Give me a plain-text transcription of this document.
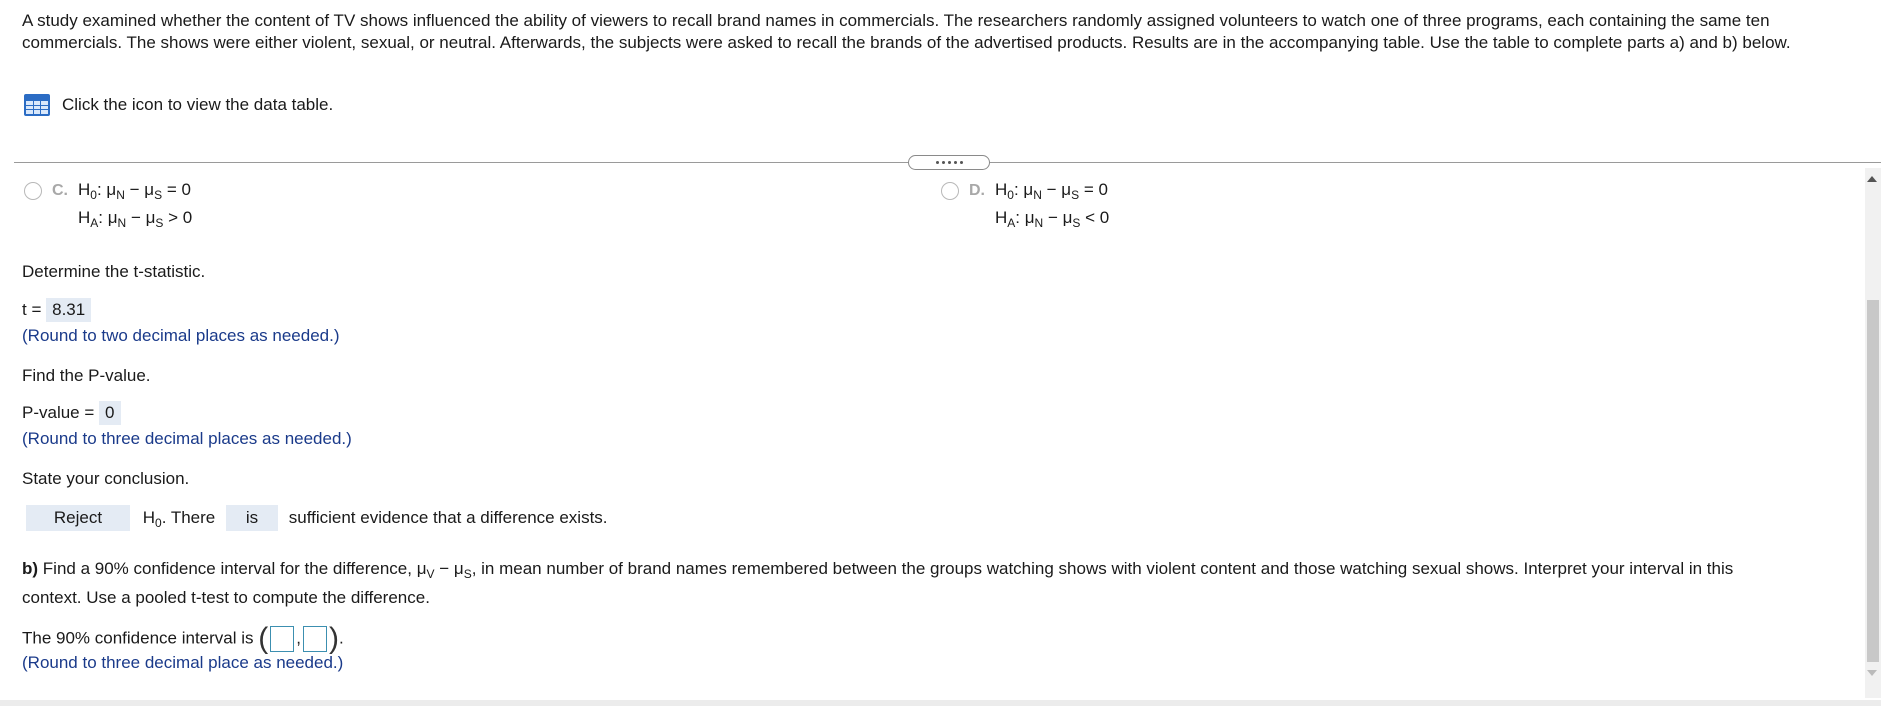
A study examined whether the content of TV shows influenced the ability of viewers to recall brand names in commercials. The researchers randomly assigned volunteers to watch one of three programs, each containing the same ten commercials. The shows were either violent, sexual, or neutral. Afterwards, the subjects were asked to recall the brands of the advertised products. Results are in the accompanying table. Use the table to complete parts a) and b) below.
Click the icon to view the data table.
C. $H_0$: $\mu_N - \mu_S = 0$
$H_A$: $\mu_N - \mu_S > 0$
D. $H_0$: $\mu_N - \mu_S = 0$
$H_A$: $\mu_N - \mu_S < 0$
Determine the t-statistic.
t = 8.31
(Round to two decimal places as needed.)
Find the P-value.
P-value = 0
(Round to three decimal places as needed.)
State your conclusion.
Reject $H_0$. There is sufficient evidence that a difference exists.
b) Find a 90% confidence interval for the difference, $\mu_V - \mu_S$, in mean number of brand names remembered between the groups watching shows with violent content and those watching sexual shows. Interpret your interval in this
context. Use a pooled t-test to compute the difference.
The 90% confidence interval is ( , ).
(Round to three decimal place as needed.)
